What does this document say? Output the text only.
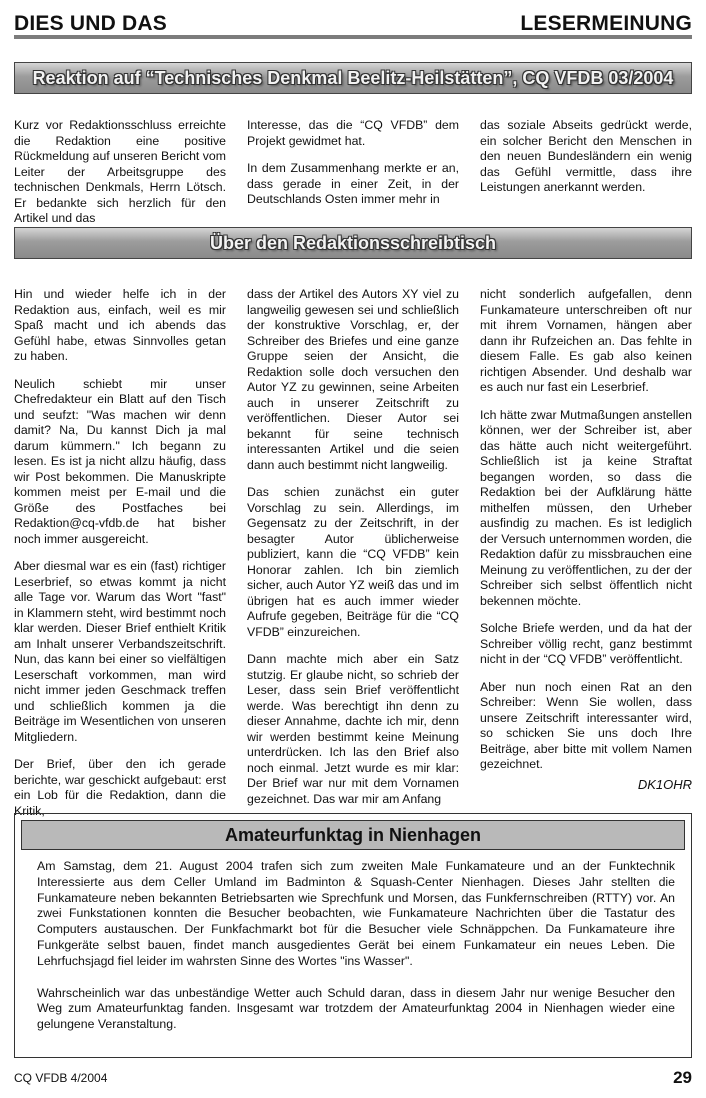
DIES UND DAS	LESERMEINUNG
Reaktion auf “Technisches Denkmal Beelitz-Heilstätten”, CQ VFDB 03/2004

Kurz vor Redaktionsschluss erreichte die Redaktion eine positive Rückmeldung auf unseren Bericht vom Leiter der Arbeitsgruppe des technischen Denkmals, Herrn Lötsch. Er bedankte sich herzlich für den Artikel und das

Interesse, das die “CQ VFDB” dem Projekt gewidmet hat.

In dem Zusammenhang merkte er an, dass gerade in einer Zeit, in der Deutschlands Osten immer mehr in

das soziale Abseits gedrückt werde, ein solcher Bericht den Menschen in den neuen Bundesländern ein wenig das Gefühl vermittle, dass ihre Leistungen anerkannt werden.

Über den Redaktionsschreibtisch

Hin und wieder helfe ich in der Redaktion aus, einfach, weil es mir Spaß macht und ich abends das Gefühl habe, etwas Sinnvolles getan zu haben.

Neulich schiebt mir unser Chefredakteur ein Blatt auf den Tisch und seufzt: "Was machen wir denn damit? Na, Du kannst Dich ja mal darum kümmern." Ich begann zu lesen. Es ist ja nicht allzu häufig, dass wir Post bekommen. Die Manuskripte kommen meist per E-mail und die Größe des Postfaches bei Redaktion@cq-vfdb.de hat bisher noch immer ausgereicht.

Aber diesmal war es ein (fast) richtiger Leserbrief, so etwas kommt ja nicht alle Tage vor. Warum das Wort "fast" in Klammern steht, wird bestimmt noch klar werden. Dieser Brief enthielt Kritik am Inhalt unserer Verbandszeitschrift. Nun, das kann bei einer so vielfältigen Leserschaft vorkommen, man wird nicht immer jeden Geschmack treffen und schließlich kommen ja die Beiträge im Wesentlichen von unseren Mitgliedern.

Der Brief, über den ich gerade berichte, war geschickt aufgebaut: erst ein Lob für die Redaktion, dann die Kritik,

dass der Artikel des Autors XY viel zu langweilig gewesen sei und schließlich der konstruktive Vorschlag, er, der Schreiber des Briefes und eine ganze Gruppe seien der Ansicht, die Redaktion solle doch versuchen den Autor YZ zu gewinnen, seine Arbeiten auch in unserer Zeitschrift zu veröffentlichen. Dieser Autor sei bekannt für seine technisch interessanten Artikel und die seien dann auch bestimmt nicht langweilig.

Das schien zunächst ein guter Vorschlag zu sein. Allerdings, im Gegensatz zu der Zeitschrift, in der besagter Autor üblicherweise publiziert, kann die “CQ VFDB” kein Honorar zahlen. Ich bin ziemlich sicher, auch Autor YZ weiß das und im übrigen hat es auch immer wieder Aufrufe gegeben, Beiträge für die “CQ VFDB” einzureichen.

Dann machte mich aber ein Satz stutzig. Er glaube nicht, so schrieb der Leser, dass sein Brief veröffentlicht werde. Was berechtigt ihn denn zu dieser Annahme, dachte ich mir, denn wir werden bestimmt keine Meinung unterdrücken. Ich las den Brief also noch einmal. Jetzt wurde es mir klar: Der Brief war nur mit dem Vornamen gezeichnet. Das war mir am Anfang

nicht sonderlich aufgefallen, denn Funkamateure unterschreiben oft nur mit ihrem Vornamen, hängen aber dann ihr Rufzeichen an. Das fehlte in diesem Falle. Es gab also keinen richtigen Absender. Und deshalb war es auch nur fast ein Leserbrief.

Ich hätte zwar Mutmaßungen anstellen können, wer der Schreiber ist, aber das hätte auch nicht weitergeführt. Schließlich ist ja keine Straftat begangen worden, so dass die Redaktion bei der Aufklärung hätte mithelfen müssen, den Urheber ausfindig zu machen. Es ist lediglich der Versuch unternommen worden, die Redaktion dafür zu missbrauchen eine Meinung zu veröffentlichen, zu der der Schreiber sich selbst öffentlich nicht bekennen möchte.

Solche Briefe werden, und da hat der Schreiber völlig recht, ganz bestimmt nicht in der “CQ VFDB” veröffentlicht.

Aber nun noch einen Rat an den Schreiber: Wenn Sie wollen, dass unsere Zeitschrift interessanter wird, so schicken Sie uns doch Ihre Beiträge, aber bitte mit vollem Namen gezeichnet.

DK1OHR
Amateurfunktag in Nienhagen

Am Samstag, dem 21. August 2004 trafen sich zum zweiten Male Funkamateure und an der Funktechnik Interessierte aus dem Celler Umland im Badminton & Squash-Center Nienhagen. Dieses Jahr stellten die Funkamateure neben bekannten Betriebsarten wie Sprechfunk und Morsen, das Funkfernschreiben (RTTY) vor. An zwei Funkstationen konnten die Besucher beobachten, wie Funkamateure Nachrichten über die Tastatur des Computers austauschen. Der Funkfachmarkt bot für die Besucher viele Schnäppchen. Da Funkamateure ihre Funkgeräte selbst bauen, findet manch ausgedientes Gerät bei einem Funkamateur ein neues Leben. Die Lehrfuchsjagd fiel leider im wahrsten Sinne des Wortes "ins Wasser".

Wahrscheinlich war das unbeständige Wetter auch Schuld daran, dass in diesem Jahr nur wenige Besucher den Weg zum Amateurfunktag fanden. Insgesamt war trotzdem der Amateurfunktag 2004 in Nienhagen wieder eine gelungene Veranstaltung.

CQ VFDB 4/2004	29
